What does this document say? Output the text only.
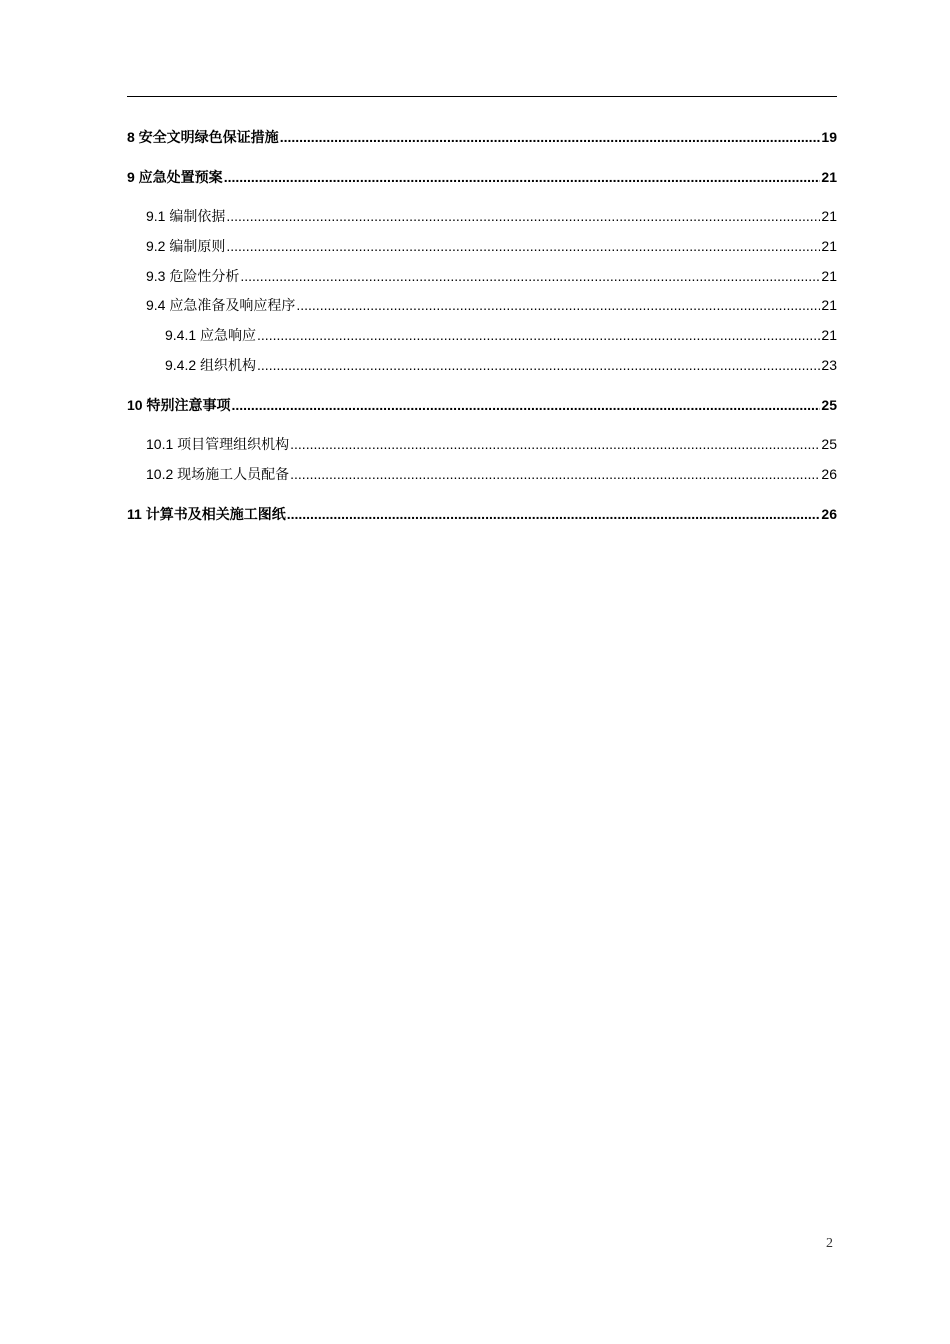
8 安全文明绿色保证措施 .....	19
9 应急处置预案 .....	21
9.1 编制依据 .....	21
9.2 编制原则 .....	21
9.3 危险性分析 .....	21
9.4 应急准备及响应程序 .....	21
9.4.1 应急响应 .....	21
9.4.2 组织机构 .....	23
10 特别注意事项 .....	25
10.1 项目管理组织机构 .....	25
10.2 现场施工人员配备 .....	26
11 计算书及相关施工图纸 .....	26
2
